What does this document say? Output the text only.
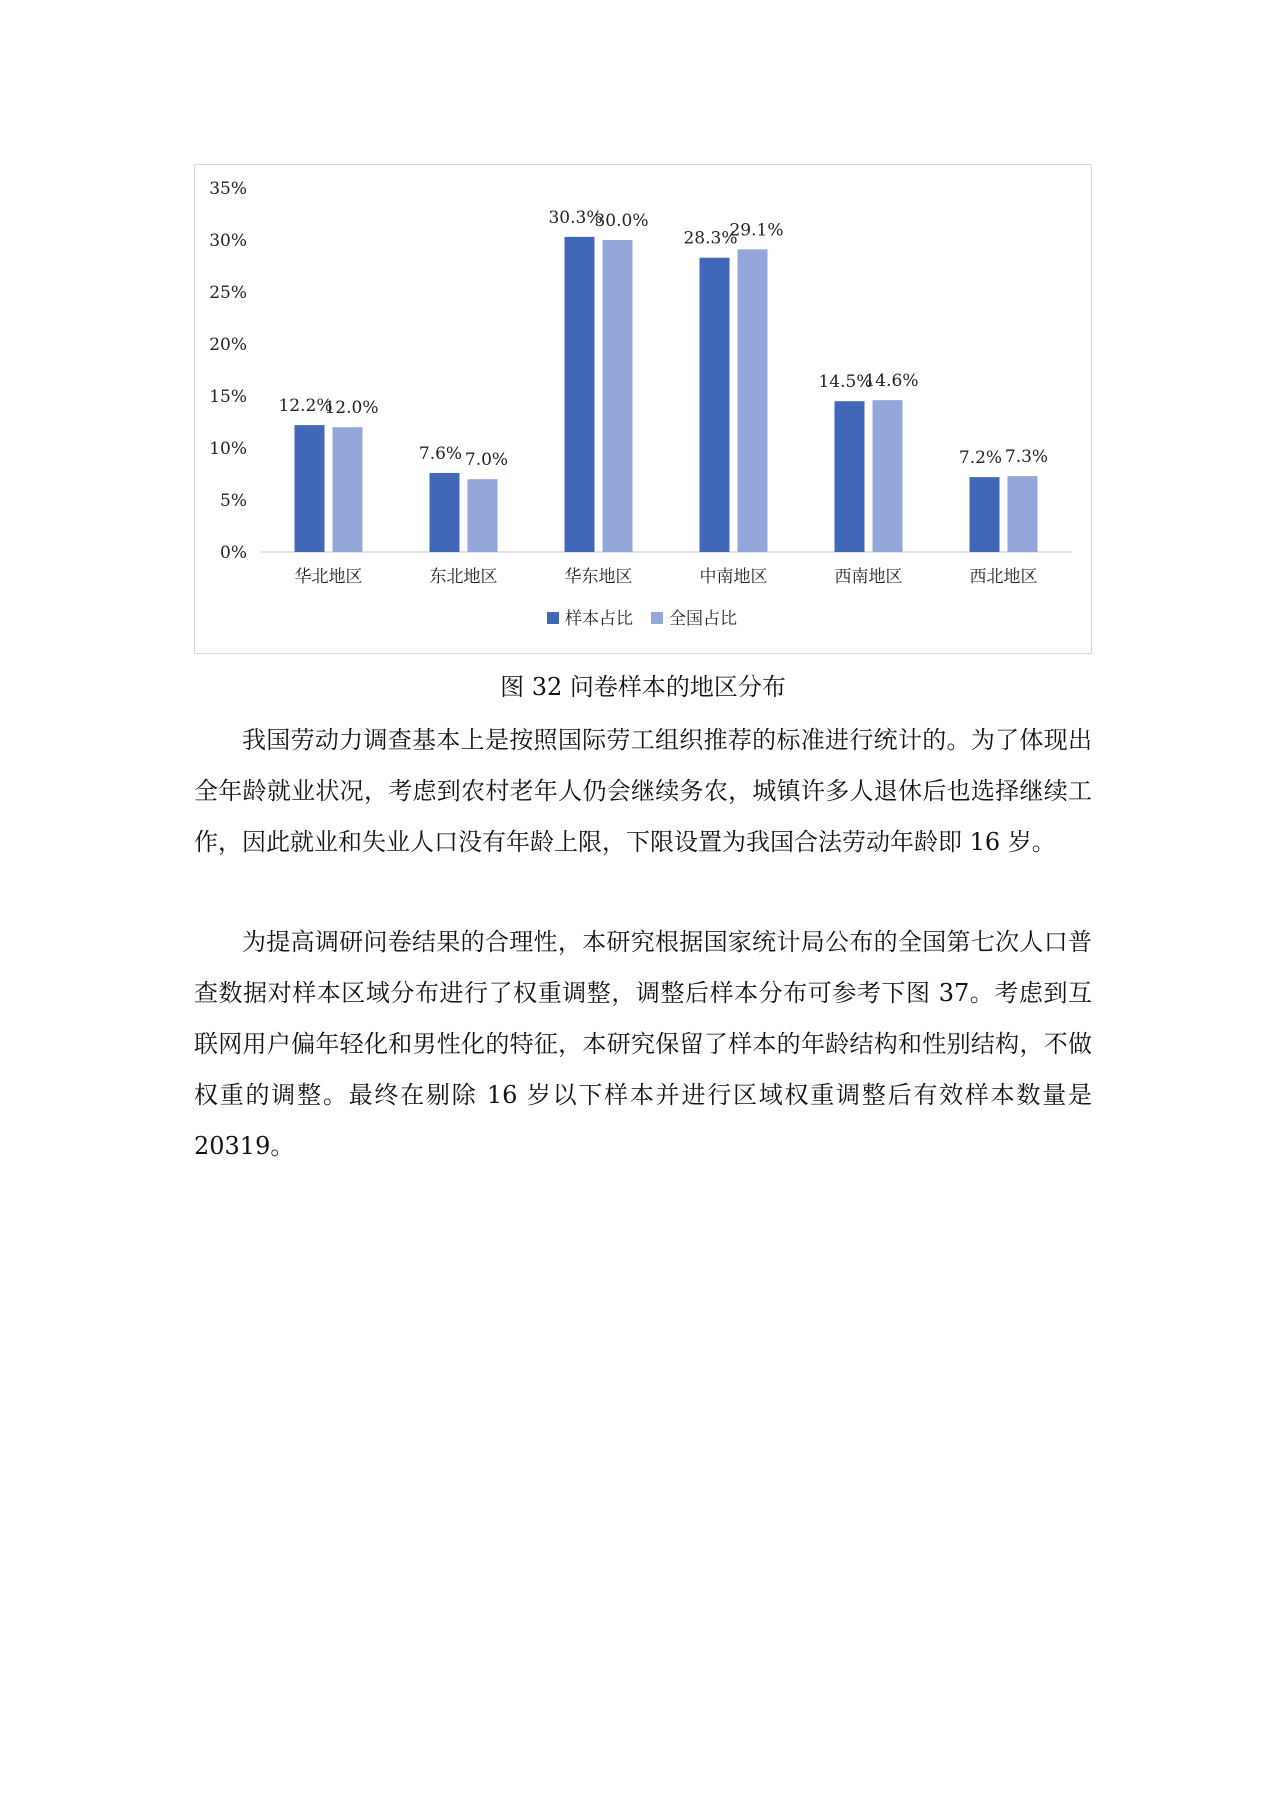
0%
5%
10%
15%
20%
25%
30%
35%
12.2%
12.0%
华北地区
7.6% 7.0%
东北地区
30.3%
30.0%
华东地区
28.3%
29.1%
中南地区
14.5%
14.6%
西南地区
7.2% 7.3%
西北地区
样本占比 全国占比
图 32 问卷样本的地区分布

我国劳动力调查基本上是按照国际劳工组织推荐的标准进行统计的。为了体现出全年龄就业状况，考虑到农村老年人仍会继续务农，城镇许多人退休后也选择继续工作，因此就业和失业人口没有年龄上限，下限设置为我国合法劳动年龄即 16 岁。

为提高调研问卷结果的合理性，本研究根据国家统计局公布的全国第七次人口普查数据对样本区域分布进行了权重调整，调整后样本分布可参考下图 37。考虑到互联网用户偏年轻化和男性化的特征，本研究保留了样本的年龄结构和性别结构，不做权重的调整。最终在剔除 16 岁以下样本并进行区域权重调整后有效样本数量是 20319。
